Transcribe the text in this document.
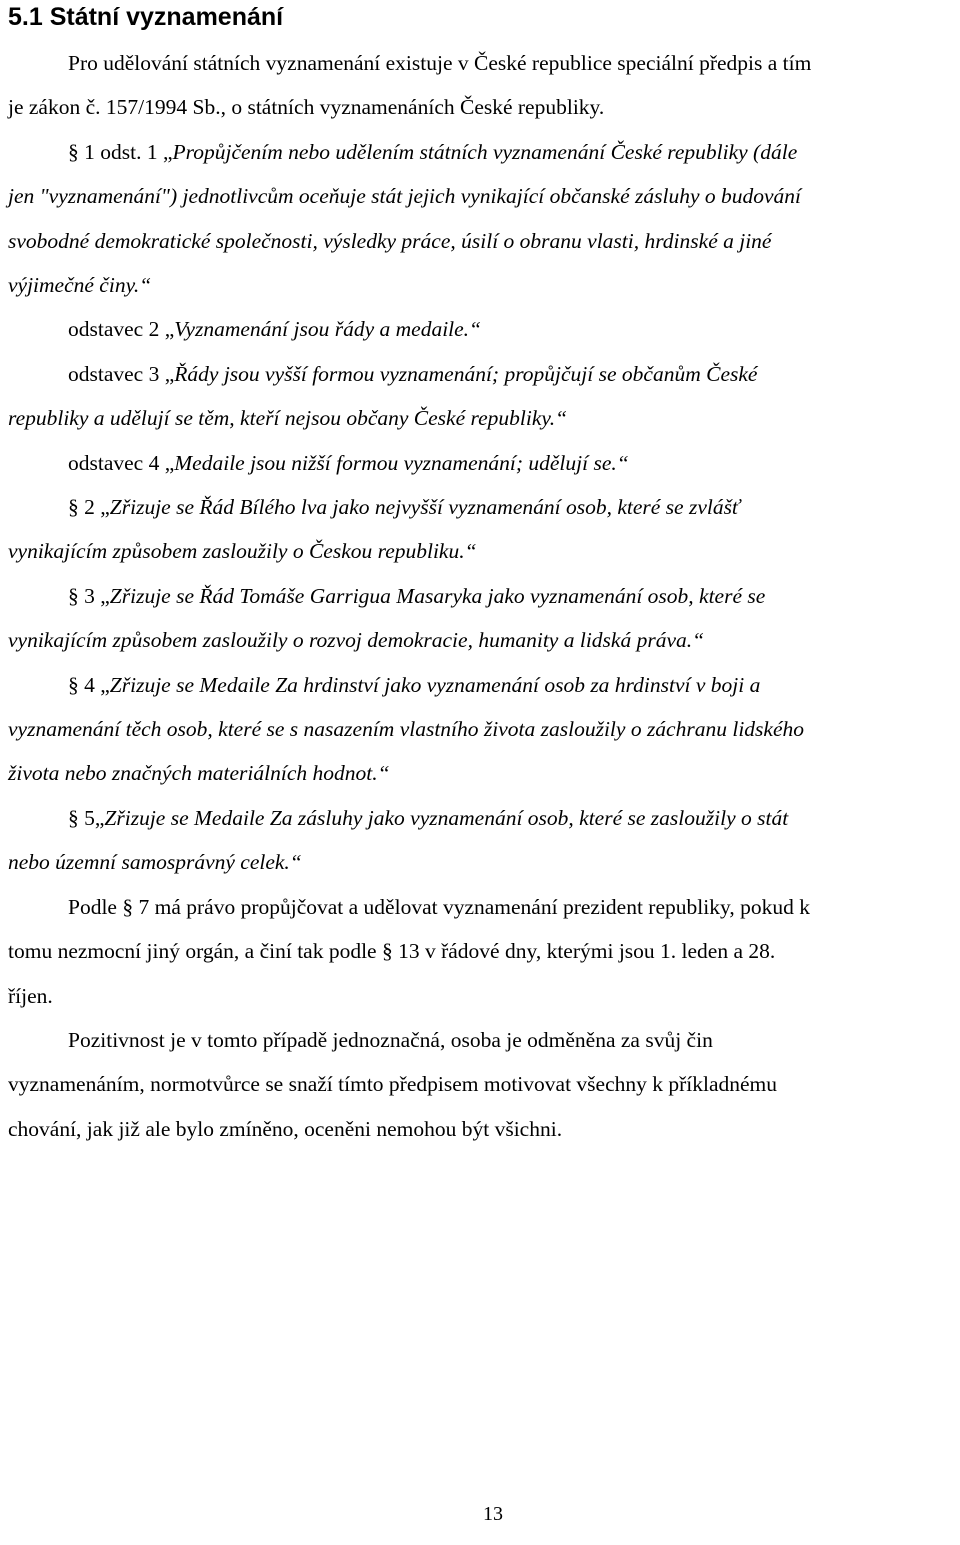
5.1 Státní vyznamenání
Pro udělování státních vyznamenání existuje v České republice speciální předpis a tím
je zákon č. 157/1994 Sb., o státních vyznamenáních České republiky.
§ 1 odst. 1 „Propůjčením nebo udělením státních vyznamenání České republiky (dále
jen "vyznamenání") jednotlivcům oceňuje stát jejich vynikající občanské zásluhy o budování
svobodné demokratické společnosti, výsledky práce, úsilí o obranu vlasti, hrdinské a jiné
výjimečné činy.“
odstavec 2 „Vyznamenání jsou řády a medaile.“
odstavec 3 „Řády jsou vyšší formou vyznamenání; propůjčují se občanům České
republiky a udělují se těm, kteří nejsou občany České republiky.“
odstavec 4 „Medaile jsou nižší formou vyznamenání; udělují se.“
§ 2 „Zřizuje se Řád Bílého lva jako nejvyšší vyznamenání osob, které se zvlášť
vynikajícím způsobem zasloužily o Českou republiku.“
§ 3 „Zřizuje se Řád Tomáše Garriguа Masaryka jako vyznamenání osob, které se
vynikajícím způsobem zasloužily o rozvoj demokracie, humanity a lidská práva.“
§ 4 „Zřizuje se Medaile Za hrdinství jako vyznamenání osob za hrdinství v boji a
vyznamenání těch osob, které se s nasazením vlastního života zasloužily o záchranu lidského
života nebo značných materiálních hodnot.“
§ 5„Zřizuje se Medaile Za zásluhy jako vyznamenání osob, které se zasloužily o stát
nebo územní samosprávný celek.“
Podle § 7 má právo propůjčovat a udělovat vyznamenání prezident republiky, pokud k
tomu nezmocní jiný orgán, a činí tak podle § 13 v řádové dny, kterými jsou 1. leden a 28.
říjen.
Pozitivnost je v tomto případě jednoznačná, osoba je odměněna za svůj čin
vyznamenáním, normotvůrce se snaží tímto předpisem motivovat všechny k příkladnému
chování, jak již ale bylo zmíněno, oceněni nemohou být všichni.
13
